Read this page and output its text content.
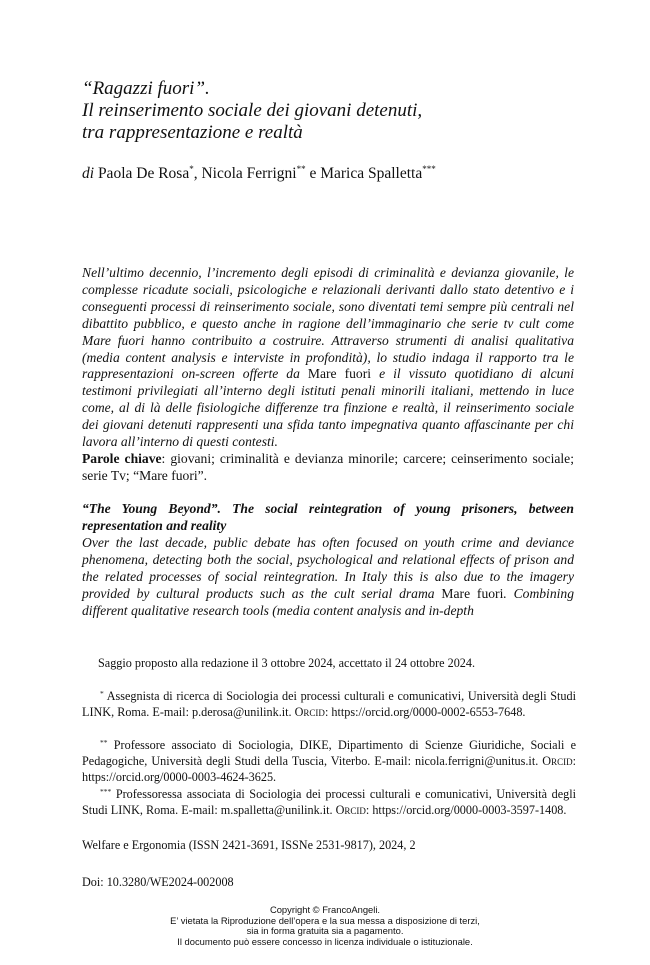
“Ragazzi fuori”.
Il reinserimento sociale dei giovani detenuti,
tra rappresentazione e realtà
di Paola De Rosa*, Nicola Ferrigni** e Marica Spalletta***
Nell’ultimo decennio, l’incremento degli episodi di criminalità e devianza giovanile, le complesse ricadute sociali, psicologiche e relazionali derivanti dallo stato detentivo e i conseguenti processi di reinserimento sociale, sono diventati temi sempre più centrali nel dibattito pubblico, e questo anche in ragione dell’immaginario che serie tv cult come Mare fuori hanno contribuito a costruire. Attraverso strumenti di analisi qualitativa (media content analysis e interviste in profondità), lo studio indaga il rapporto tra le rappresentazioni on-screen offerte da Mare fuori e il vissuto quotidiano di alcuni testimoni privilegiati all’interno degli istituti penali minorili italiani, mettendo in luce come, al di là delle fisiologiche differenze tra finzione e realtà, il reinserimento sociale dei giovani detenuti rappresenti una sfida tanto impegnativa quanto affascinante per chi lavora all’interno di questi contesti.
Parole chiave: giovani; criminalità e devianza minorile; carcere; ceinserimento sociale; serie Tv; “Mare fuori”.
“The Young Beyond”. The social reintegration of young prisoners, between representation and reality
Over the last decade, public debate has often focused on youth crime and deviance phenomena, detecting both the social, psychological and relational effects of prison and the related processes of social reintegration. In Italy this is also due to the imagery provided by cultural products such as the cult serial drama Mare fuori. Combining different qualitative research tools (media content analysis and in-depth
Saggio proposto alla redazione il 3 ottobre 2024, accettato il 24 ottobre 2024.
* Assegnista di ricerca di Sociologia dei processi culturali e comunicativi, Università degli Studi LINK, Roma. E-mail: p.derosa@unilink.it. Orcid: https://orcid.org/0000-0002-6553-7648.
** Professore associato di Sociologia, DIKE, Dipartimento di Scienze Giuridiche, Sociali e Pedagogiche, Università degli Studi della Tuscia, Viterbo. E-mail: nicola.ferrigni@unitus.it. Orcid: https://orcid.org/0000-0003-4624-3625.
*** Professoressa associata di Sociologia dei processi culturali e comunicativi, Università degli Studi LINK, Roma. E-mail: m.spalletta@unilink.it. Orcid: https://orcid.org/0000-0003-3597-1408.
Welfare e Ergonomia (ISSN 2421-3691, ISSNe 2531-9817), 2024, 2
Doi: 10.3280/WE2024-002008
Copyright © FrancoAngeli.
E’ vietata la Riproduzione dell’opera e la sua messa a disposizione di terzi,
sia in forma gratuita sia a pagamento.
Il documento può essere concesso in licenza individuale o istituzionale.
